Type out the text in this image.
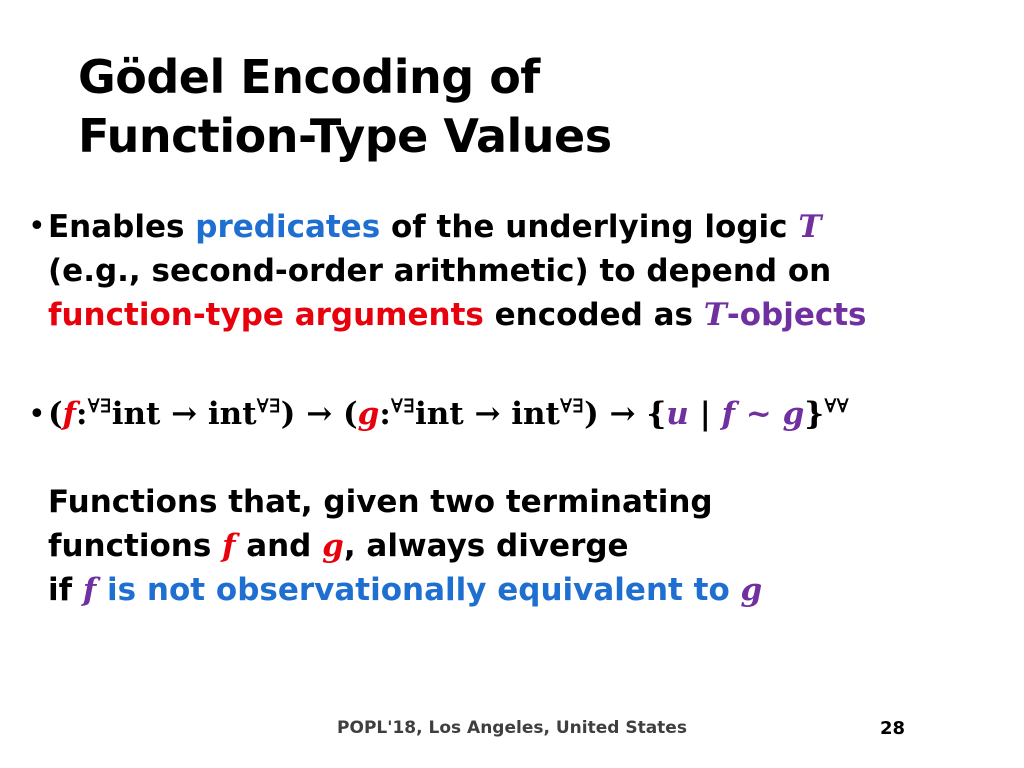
Gödel Encoding of
Function-Type Values
• Enables predicates of the underlying logic T
(e.g., second-order arithmetic) to depend on
function-type arguments encoded as T-objects
• (f:∀∃int → int∀∃) → (g:∀∃int → int∀∃) → {u | f ~ g}∀∀
Functions that, given two terminating
functions f and g, always diverge
if f is not observationally equivalent to g
POPL'18, Los Angeles, United States	28
